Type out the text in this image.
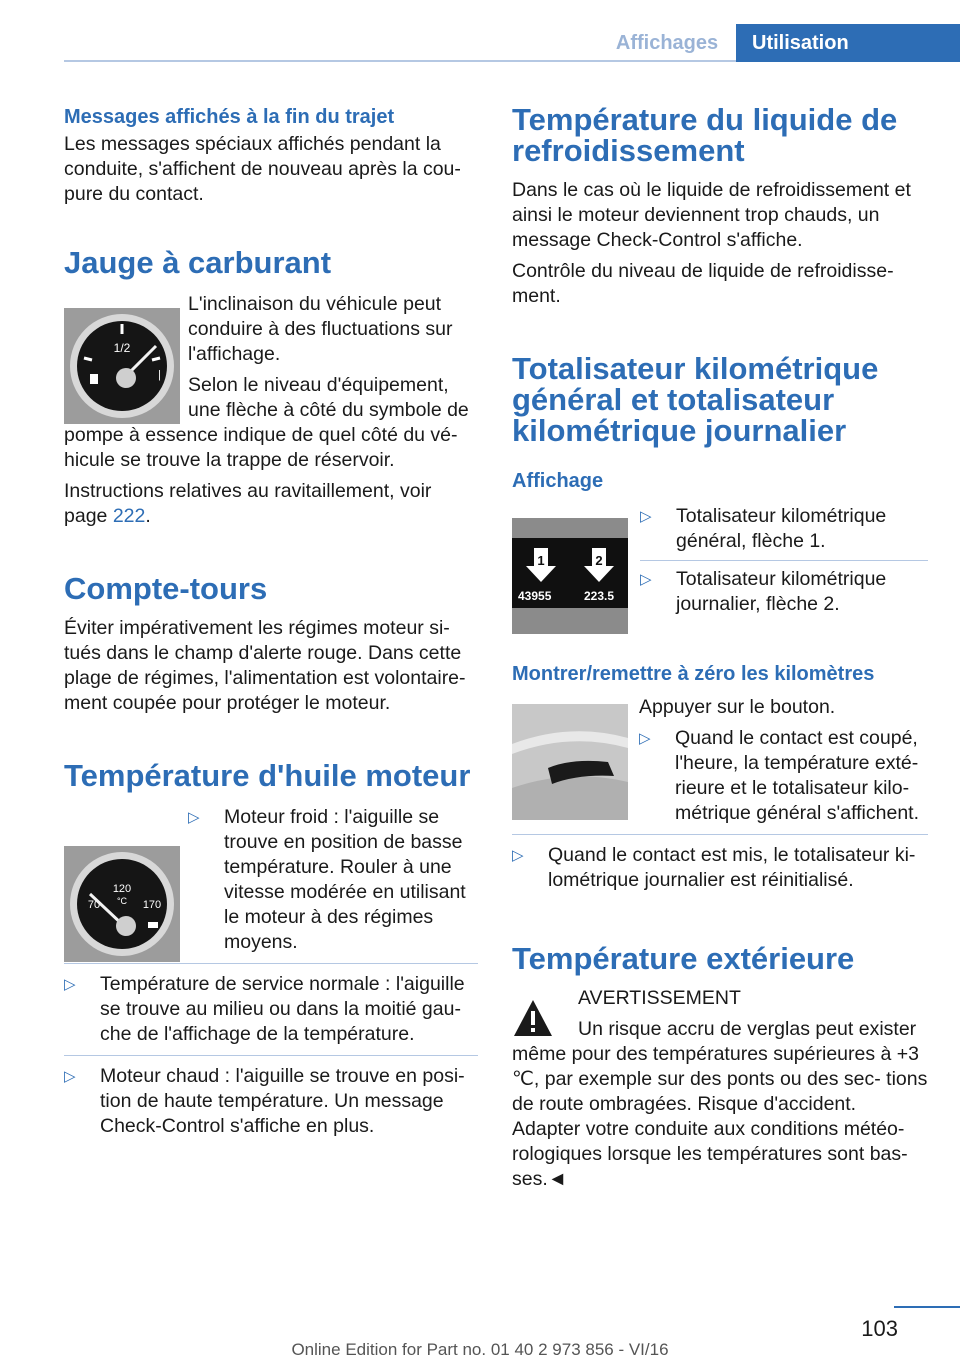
Affichages	Utilisation
Messages affichés à la fin du trajet

Les messages spéciaux affichés pendant la conduite, s'affichent de nouveau après la cou- pure du contact.

Jauge à carburant

L'inclinaison du véhicule peut conduire à des fluctuations sur l'affichage.

Selon le niveau d'équipement, une flèche à côté du symbole de

pompe à essence indique de quel côté du vé- hicule se trouve la trappe de réservoir.

Instructions relatives au ravitaillement, voir page 222.

Compte-tours

Éviter impérativement les régimes moteur si- tués dans le champ d'alerte rouge. Dans cette plage de régimes, l'alimentation est volontaire- ment coupée pour protéger le moteur.

Température d'huile moteur
▷ Moteur froid : l'aiguille se trouve en position de basse température. Rouler à une vitesse modérée en utilisant le moteur à des régimes moyens.
▷ Température de service normale : l'aiguille se trouve au milieu ou dans la moitié gau- che de l'affichage de la température.
▷ Moteur chaud : l'aiguille se trouve en posi- tion de haute température. Un message Check-Control s'affiche en plus.
1/2
|
120
°C
70	170
Température du liquide de refroidissement

Dans le cas où le liquide de refroidissement et ainsi le moteur deviennent trop chauds, un message Check-Control s'affiche.

Contrôle du niveau de liquide de refroidisse- ment.

Totalisateur kilométrique général et totalisateur kilométrique journalier
Affichage
▷ Totalisateur kilométrique général, flèche 1.
▷ Totalisateur kilométrique journalier, flèche 2.
Montrer/remettre à zéro les kilomètres

Appuyer sur le bouton.

▷ Quand le contact est coupé, l'heure, la température exté- rieure et le totalisateur kilo- métrique général s'affichent.
▷ Quand le contact est mis, le totalisateur ki- lométrique journalier est réinitialisé.
Température extérieure

AVERTISSEMENT

Un risque accru de verglas peut exister

même pour des températures supérieures à +3 ℃, par exemple sur des ponts ou des sec- tions de route ombragées. Risque d'accident. Adapter votre conduite aux conditions météo- rologiques lorsque les températures sont bas- ses.◄

1	2
43955	223.5
103
Online Edition for Part no. 01 40 2 973 856 - VI/16
